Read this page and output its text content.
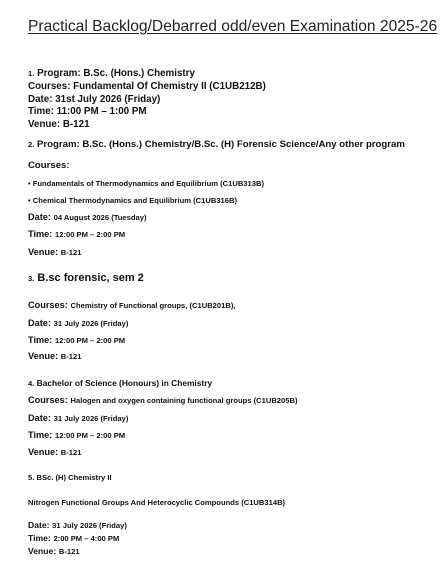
Practical Backlog/Debarred odd/even Examination 2025-26
1. Program: B.Sc. (Hons.) Chemistry
Courses: Fundamental Of Chemistry II (C1UB212B)
Date: 31st July 2026 (Friday)
Time: 11:00 PM – 1:00 PM
Venue: B-121
2. Program: B.Sc. (Hons.) Chemistry/B.Sc. (H) Forensic Science/Any other program
Courses:
• Fundamentals of Thermodynamics and Equilibrium (C1UB313B)
• Chemical Thermodynamics and Equilibrium (C1UB316B)
Date: 04 August 2026 (Tuesday)
Time: 12:00 PM – 2:00 PM
Venue: B-121
3. B.sc forensic, sem 2
Courses: Chemistry of Functional groups, (C1UB201B),
Date: 31 July 2026 (Friday)
Time: 12:00 PM – 2:00 PM
Venue: B-121
4. Bachelor of Science (Honours) in Chemistry
Courses: Halogen and oxygen containing functional groups (C1UB205B)
Date: 31 July 2026 (Friday)
Time: 12:00 PM – 2:00 PM
Venue: B-121
5. BSc. (H) Chemistry II
Nitrogen Functional Groups And Heterocyclic Compounds (C1UB314B)
Date: 31 July 2026 (Friday)
Time: 2:00 PM – 4:00 PM
Venue: B-121
